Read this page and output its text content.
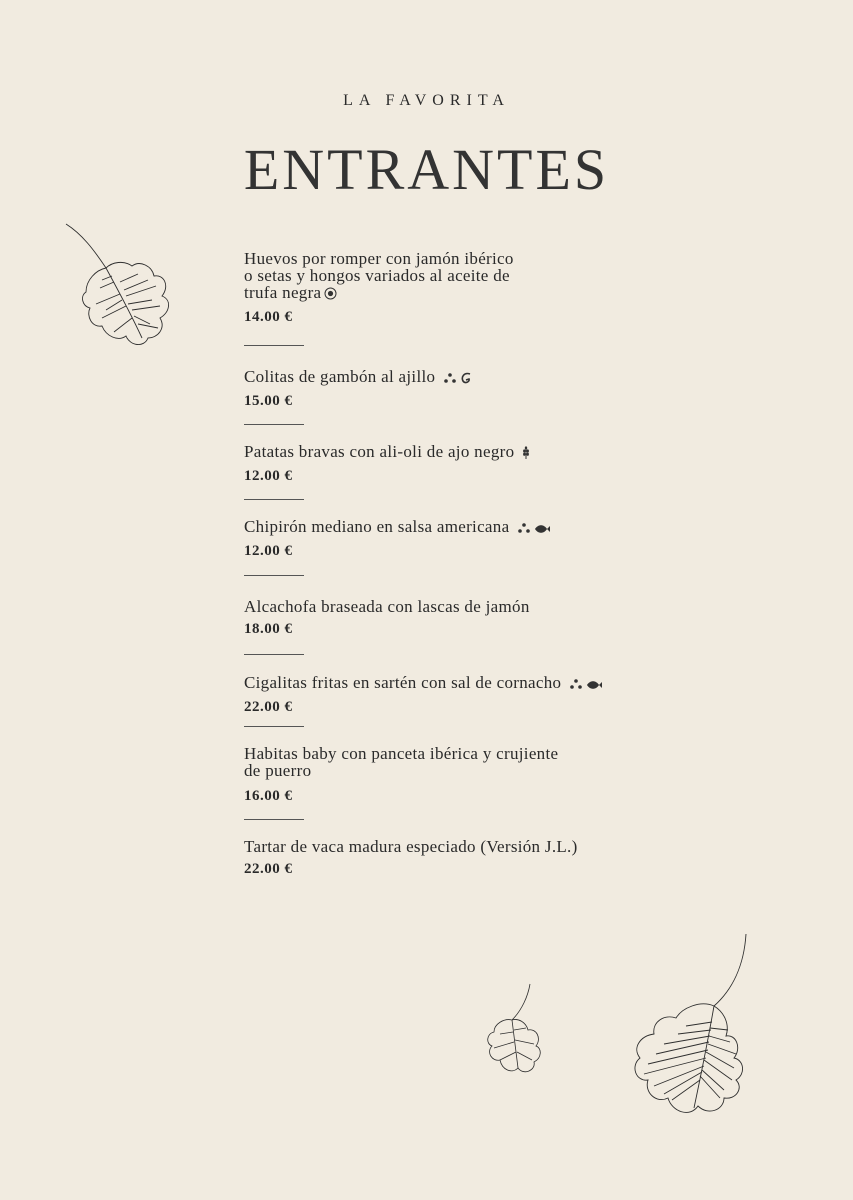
LA FAVORITA
ENTRANTES
Huevos por romper con jamón ibérico
o setas y hongos variados al aceite de
trufa negra
14.00 €
Colitas de gambón al ajillo
15.00 €
Patatas bravas con ali-oli de ajo negro
12.00 €
Chipirón mediano en salsa americana
12.00 €
Alcachofa braseada con lascas de jamón
18.00 €
Cigalitas fritas en sartén con sal de cornacho
22.00 €
Habitas baby con panceta ibérica y crujiente
de puerro
16.00 €
Tartar de vaca madura especiado (Versión J.L.)
22.00 €
